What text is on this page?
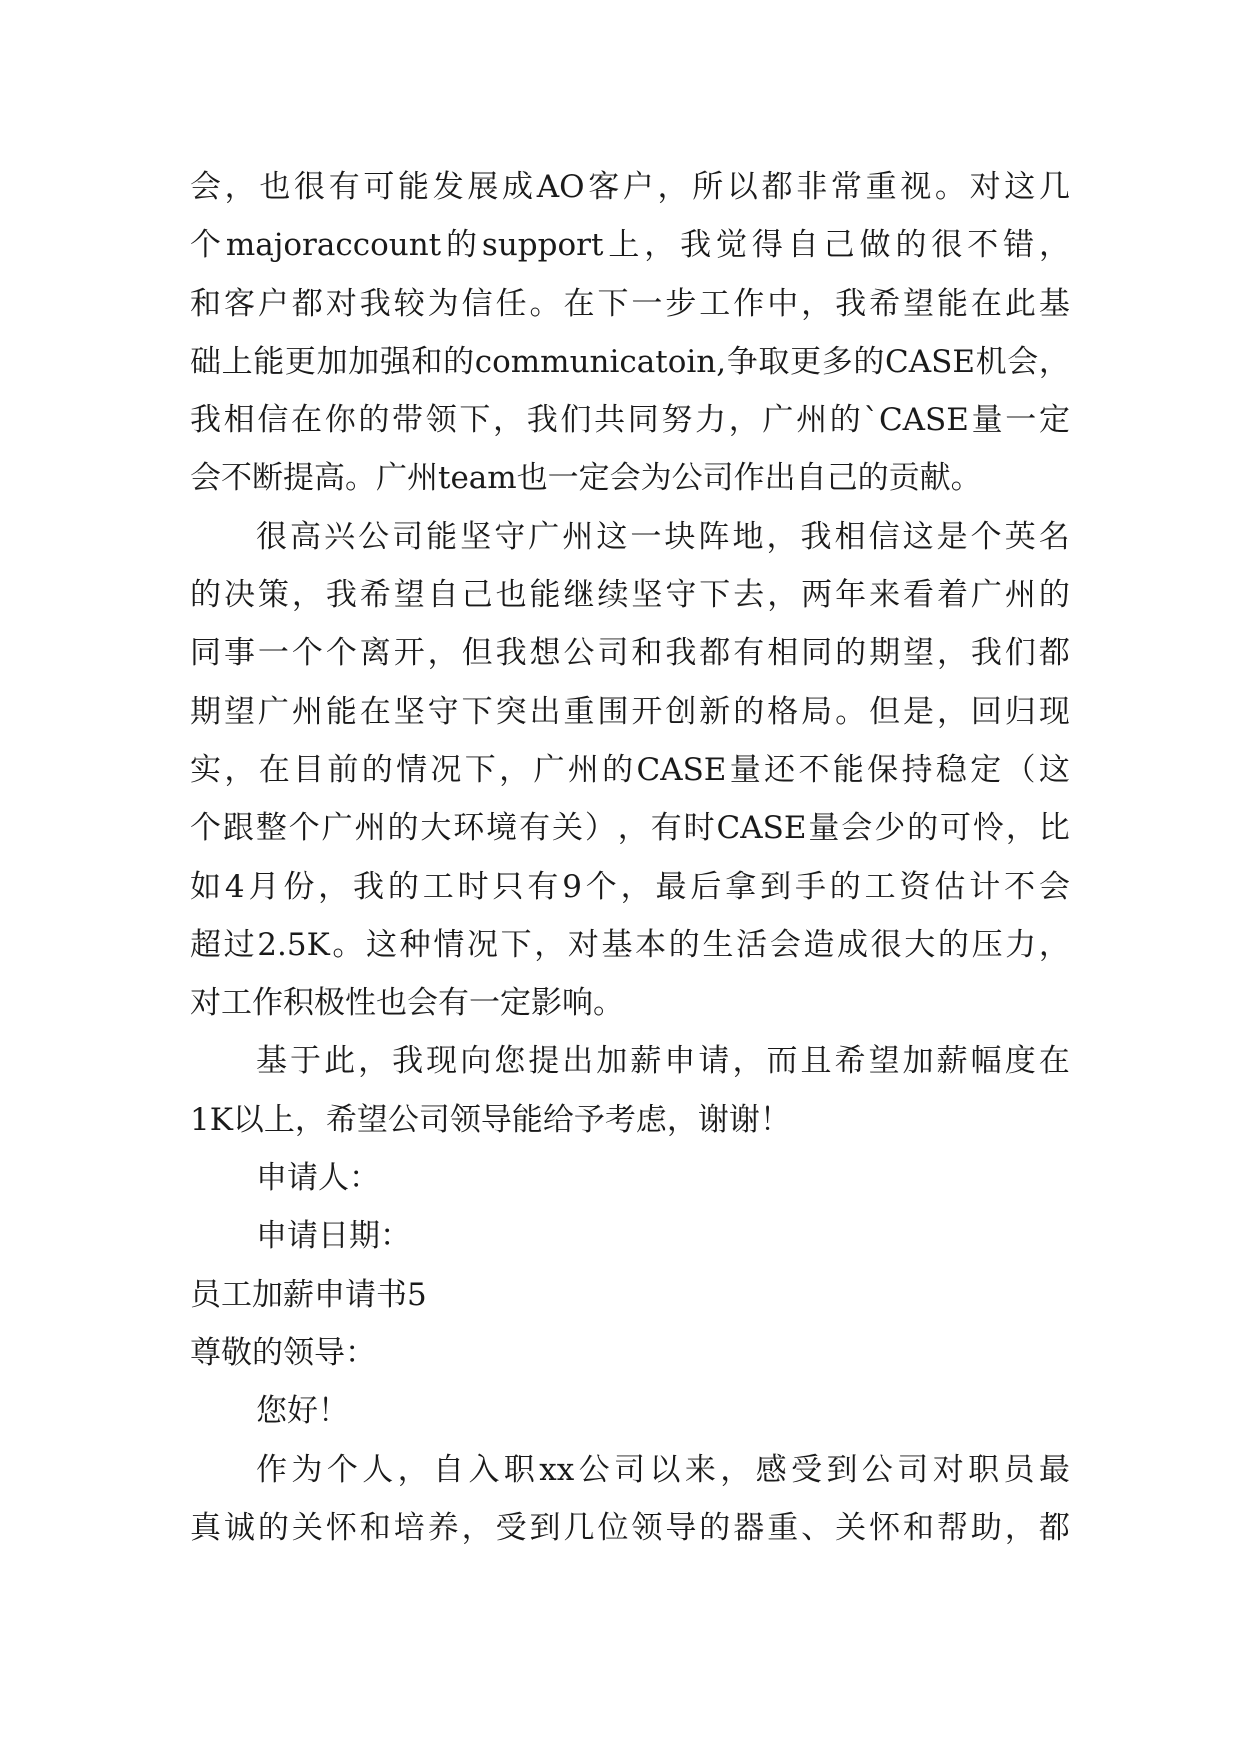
会 ， 也 很 有 可 能 发 展 成 AO 客 户 ， 所 以 都 非 常 重 视 。 对 这 几
个 majoraccount 的 support 上 ， 我 觉 得 自 己 做 的 很 不 错 ，
和 客 户 都 对 我 较 为 信 任 。 在 下 一 步 工 作 中 ， 我 希 望 能 在 此 基
础 上 能 更 加 加 强 和 的 communicatoin, 争 取 更 多 的 CASE 机 会 ，
我 相 信 在 你 的 带 领 下 ， 我 们 共 同 努 力 ， 广 州 的 `CASE 量 一 定
会不断提高。广州team也一定会为公司作出自己的贡献。
很 高 兴 公 司 能 坚 守 广 州 这 一 块 阵 地 ， 我 相 信 这 是 个 英 名
的 决 策 ， 我 希 望 自 己 也 能 继 续 坚 守 下 去 ， 两 年 来 看 着 广 州 的
同 事 一 个 个 离 开 ， 但 我 想 公 司 和 我 都 有 相 同 的 期 望 ， 我 们 都
期 望 广 州 能 在 坚 守 下 突 出 重 围 开 创 新 的 格 局 。 但 是 ， 回 归 现
实 ， 在 目 前 的 情 况 下 ， 广 州 的 CASE 量 还 不 能 保 持 稳 定 （ 这
个 跟 整 个 广 州 的 大 环 境 有 关 ） ， 有 时 CASE 量 会 少 的 可 怜 ， 比
如 4 月 份 ， 我 的 工 时 只 有 9 个 ， 最 后 拿 到 手 的 工 资 估 计 不 会
超 过 2.5K 。 这 种 情 况 下 ， 对 基 本 的 生 活 会 造 成 很 大 的 压 力 ，
对工作积极性也会有一定影响。
基 于 此 ， 我 现 向 您 提 出 加 薪 申 请 ， 而 且 希 望 加 薪 幅 度 在
1K以上，希望公司领导能给予考虑，谢谢！
申请人：
申请日期：
员工加薪申请书5
尊敬的领导：
您好！
作 为 个 人 ， 自 入 职 xx 公 司 以 来 ， 感 受 到 公 司 对 职 员 最
真 诚 的 关 怀 和 培 养 ， 受 到 几 位 领 导 的 器 重 、 关 怀 和 帮 助 ， 都
